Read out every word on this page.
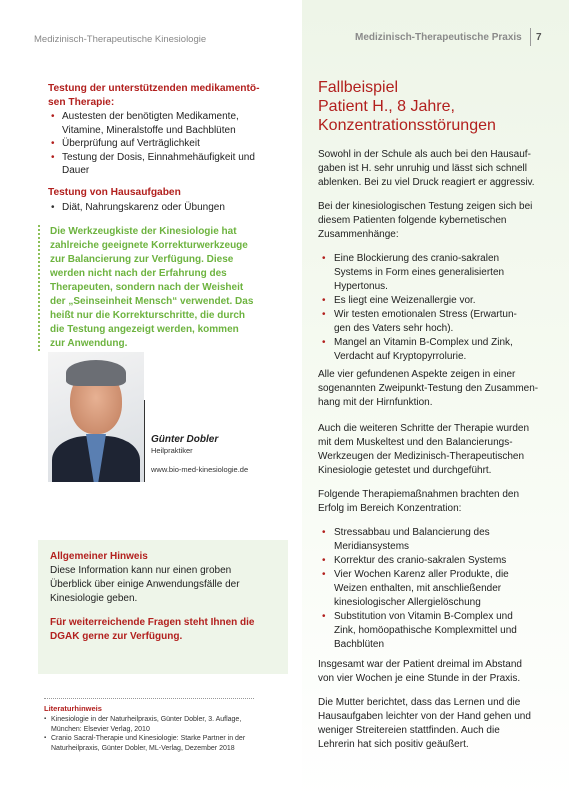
Medizinisch-Therapeutische Kinesiologie	Medizinisch-Therapeutische Praxis 7
Testung der unterstützenden medikamentö-
sen Therapie:
• Austesten der benötigten Medikamente,
Vitamine, Mineralstoffe und Bachblüten
• Überprüfung auf Verträglichkeit
• Testung der Dosis, Einnahmehäufigkeit und
Dauer
Testung von Hausaufgaben
• Diät, Nahrungskarenz oder Übungen
Die Werkzeugkiste der Kinesiologie hat
zahlreiche geeignete Korrekturwerkzeuge
zur Balancierung zur Verfügung. Diese
werden nicht nach der Erfahrung des
Therapeuten, sondern nach der Weisheit
der „Seinseinheit Mensch“ verwendet. Das
heißt nur die Korrekturschritte, die durch
die Testung angezeigt werden, kommen
zur Anwendung.
Günter Dobler
Heilpraktiker
www.bio-med-kinesiologie.de
Allgemeiner Hinweis
Diese Information kann nur einen groben
Überblick über einige Anwendungsfälle der
Kinesiologie geben.
Für weiterreichende Fragen steht Ihnen die
DGAK gerne zur Verfügung.
Literaturhinweis
▪ Kinesiologie in der Naturheilpraxis, Günter Dobler, 3. Auflage,
München: Elsevier Verlag, 2010
▪ Cranio Sacral-Therapie und Kinesiologie: Starke Partner in der
Naturheilpraxis, Günter Dobler, ML-Verlag, Dezember 2018
Fallbeispiel
Patient H., 8 Jahre,
Konzentrationsstörungen
Sowohl in der Schule als auch bei den Hausauf-
gaben ist H. sehr unruhig und lässt sich schnell
ablenken. Bei zu viel Druck reagiert er aggressiv.
Bei der kinesiologischen Testung zeigen sich bei
diesem Patienten folgende kybernetischen
Zusammenhänge:
• Eine Blockierung des cranio-sakralen
Systems in Form eines generalisierten
Hypertonus.
• Es liegt eine Weizenallergie vor.
• Wir testen emotionalen Stress (Erwartun-
gen des Vaters sehr hoch).
• Mangel an Vitamin B-Complex und Zink,
Verdacht auf Kryptopyrrolurie.
Alle vier gefundenen Aspekte zeigen in einer
sogenannten Zweipunkt-Testung den Zusammen-
hang mit der Hirnfunktion.
Auch die weiteren Schritte der Therapie wurden
mit dem Muskeltest und den Balancierungs-
Werkzeugen der Medizinisch-Therapeutischen
Kinesiologie getestet und durchgeführt.
Folgende Therapiemaßnahmen brachten den
Erfolg im Bereich Konzentration:
• Stressabbau und Balancierung des
Meridiansystems
• Korrektur des cranio-sakralen Systems
• Vier Wochen Karenz aller Produkte, die
Weizen enthalten, mit anschließender
kinesiologischer Allergielöschung
• Substitution von Vitamin B-Complex und
Zink, homöopathische Komplexmittel und
Bachblüten
Insgesamt war der Patient dreimal im Abstand
von vier Wochen je eine Stunde in der Praxis.
Die Mutter berichtet, dass das Lernen und die
Hausaufgaben leichter von der Hand gehen und
weniger Streitereien stattfinden. Auch die
Lehrerin hat sich positiv geäußert.
